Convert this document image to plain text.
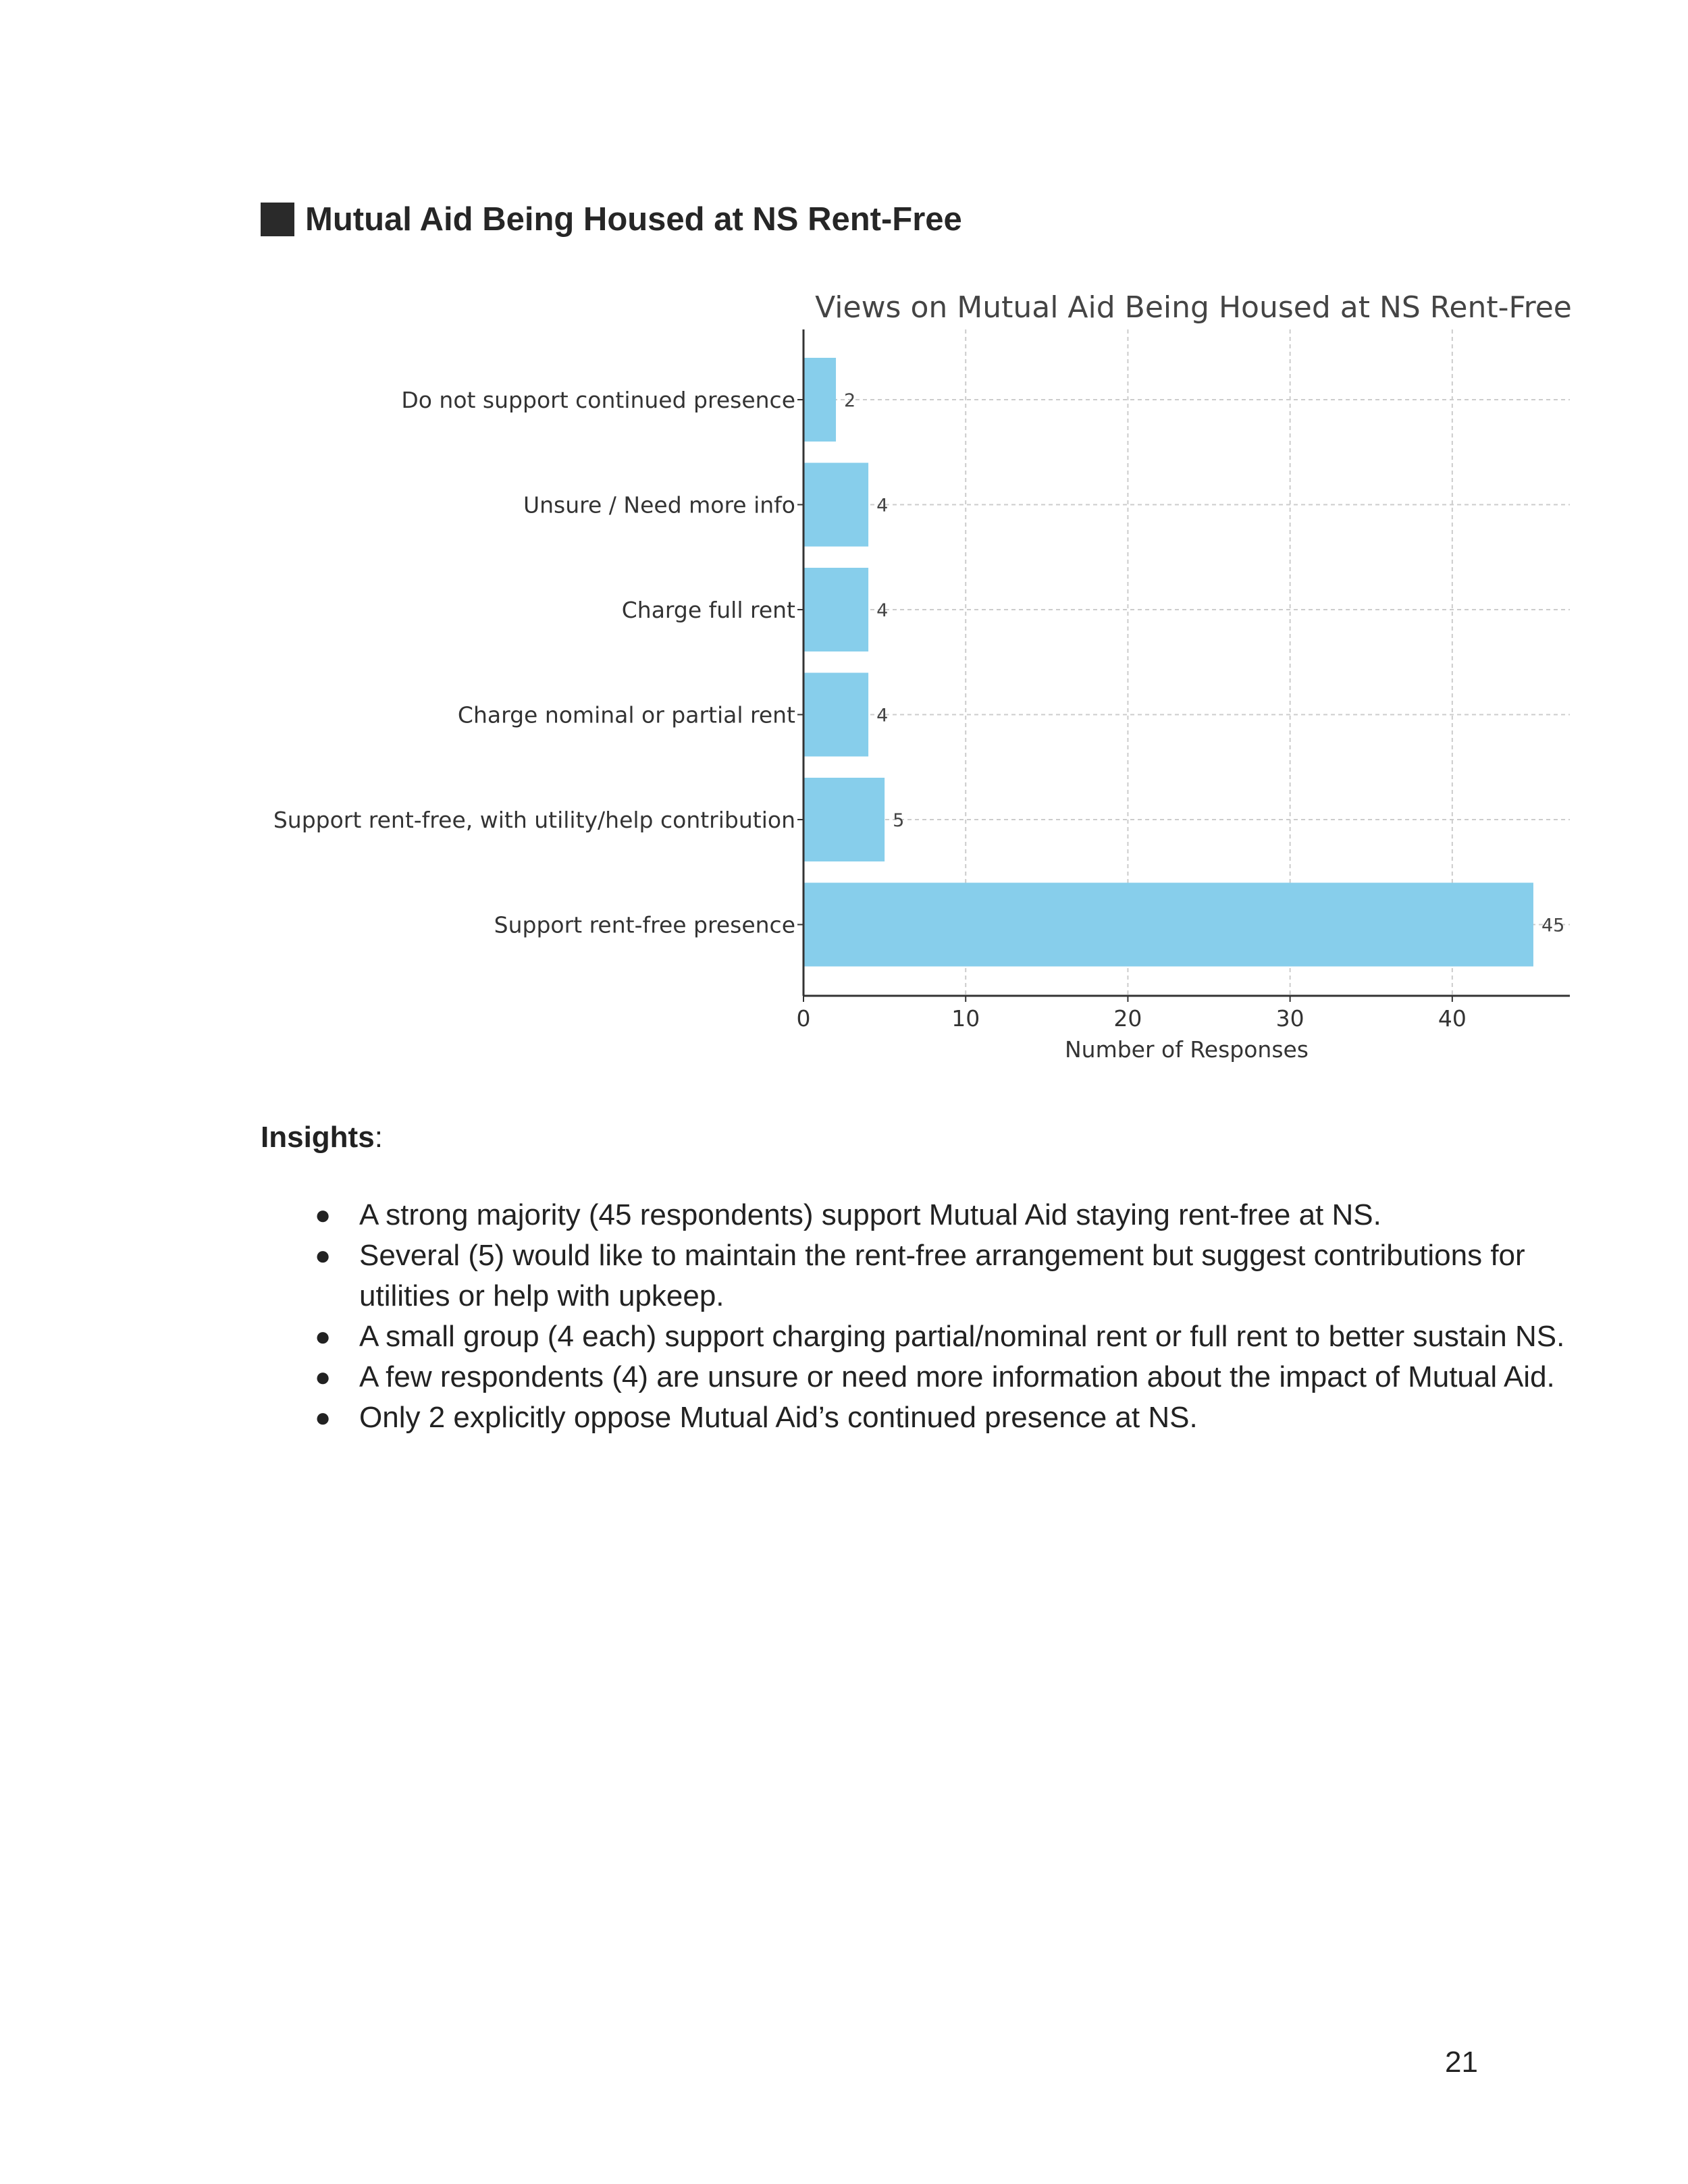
Mutual Aid Being Housed at NS Rent-Free
Views on Mutual Aid Being Housed at NS Rent-Free
Do not support continued presence
Unsure / Need more info
Charge full rent
Charge nominal or partial rent
Support rent-free, with utility/help contribution
Support rent-free presence
0	10	20	30	40
Number of Responses
2
4
4
4
5
45
Insights:
● A strong majority (45 respondents) support Mutual Aid staying rent-free at NS.
● Several (5) would like to maintain the rent-free arrangement but suggest contributions for utilities or help with upkeep.
● A small group (4 each) support charging partial/nominal rent or full rent to better sustain NS.
● A few respondents (4) are unsure or need more information about the impact of Mutual Aid.
● Only 2 explicitly oppose Mutual Aid’s continued presence at NS.
21
